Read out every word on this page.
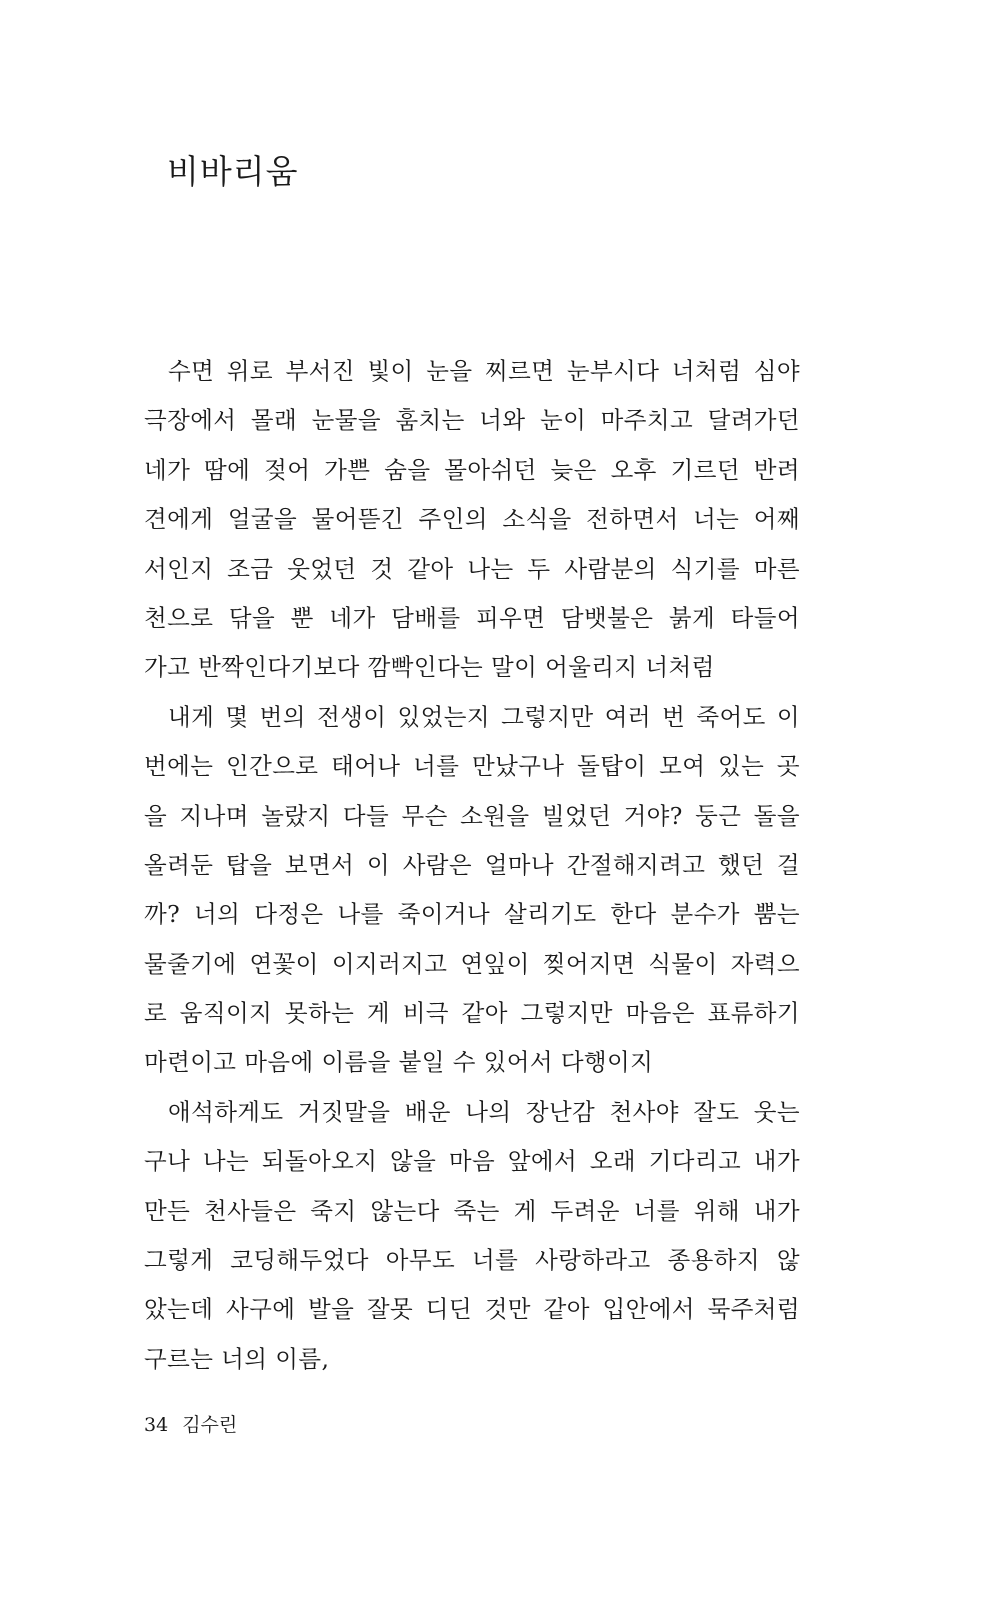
비바리움
수면 위로 부서진 빛이 눈을 찌르면 눈부시다 너처럼 심야
극장에서 몰래 눈물을 훔치는 너와 눈이 마주치고 달려가던
네가 땀에 젖어 가쁜 숨을 몰아쉬던 늦은 오후 기르던 반려
견에게 얼굴을 물어뜯긴 주인의 소식을 전하면서 너는 어째
서인지 조금 웃었던 것 같아 나는 두 사람분의 식기를 마른
천으로 닦을 뿐 네가 담배를 피우면 담뱃불은 붉게 타들어
가고 반짝인다기보다 깜빡인다는 말이 어울리지 너처럼
내게 몇 번의 전생이 있었는지 그렇지만 여러 번 죽어도 이
번에는 인간으로 태어나 너를 만났구나 돌탑이 모여 있는 곳
을 지나며 놀랐지 다들 무슨 소원을 빌었던 거야? 둥근 돌을
올려둔 탑을 보면서 이 사람은 얼마나 간절해지려고 했던 걸
까? 너의 다정은 나를 죽이거나 살리기도 한다 분수가 뿜는
물줄기에 연꽃이 이지러지고 연잎이 찢어지면 식물이 자력으
로 움직이지 못하는 게 비극 같아 그렇지만 마음은 표류하기
마련이고 마음에 이름을 붙일 수 있어서 다행이지
애석하게도 거짓말을 배운 나의 장난감 천사야 잘도 웃는
구나 나는 되돌아오지 않을 마음 앞에서 오래 기다리고 내가
만든 천사들은 죽지 않는다 죽는 게 두려운 너를 위해 내가
그렇게 코딩해두었다 아무도 너를 사랑하라고 종용하지 않
았는데 사구에 발을 잘못 디딘 것만 같아 입안에서 묵주처럼
구르는 너의 이름,
34 김수린
